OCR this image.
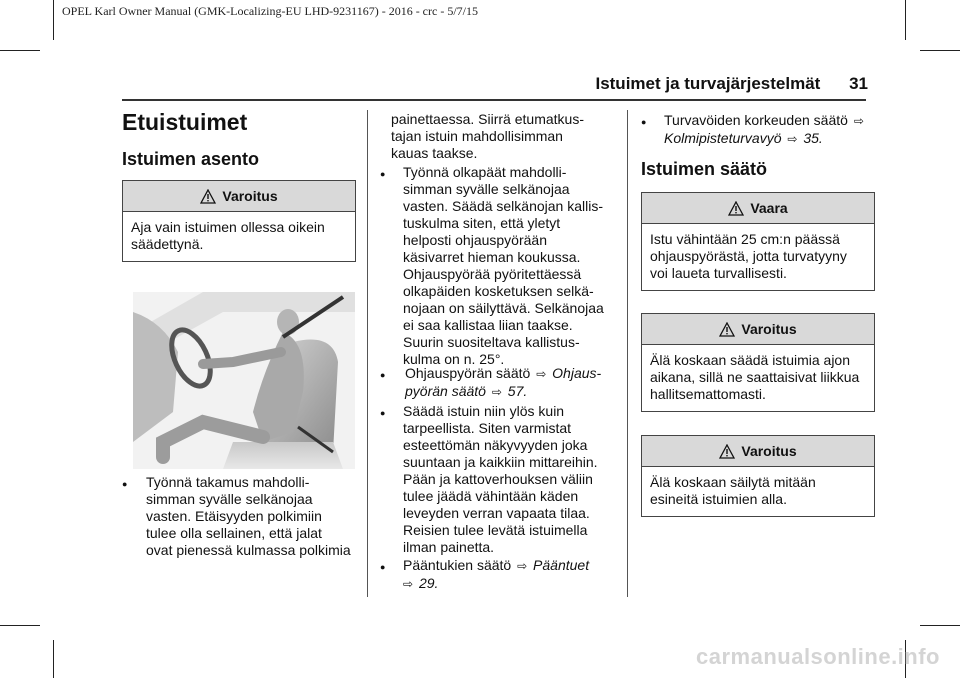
OPEL Karl Owner Manual (GMK-Localizing-EU LHD-9231167) - 2016 - crc - 5/7/15
Istuimet ja turvajärjestelmät 31
Etuistuimet
Istuimen asento
Varoitus
Aja vain istuimen ollessa oikein säädettynä.
● Työnnä takamus mahdolli-
simman syvälle selkänojaa
vasten. Etäisyyden polkimiin
tulee olla sellainen, että jalat
ovat pienessä kulmassa polkimia
painettaessa. Siirrä etumatkus-
tajan istuin mahdollisimman
kauas taakse.
● Työnnä olkapäät mahdolli-
simman syvälle selkänojaa
vasten. Säädä selkänojan kallis-
tuskulma siten, että yletyt
helposti ohjauspyörään
käsivarret hieman koukussa.
Ohjauspyörää pyöritettäessä
olkapäiden kosketuksen selkä-
nojaan on säilyttävä. Selkänojaa
ei saa kallistaa liian taakse.
Suurin suositeltava kallistus-
kulma on n. 25°.
● Ohjauspyörän säätö ⇨ Ohjaus-
pyörän säätö ⇨ 57.
● Säädä istuin niin ylös kuin
tarpeellista. Siten varmistat
esteettömän näkyvyyden joka
suuntaan ja kaikkiin mittareihin.
Pään ja kattoverhouksen väliin
tulee jäädä vähintään käden
leveyden verran vapaata tilaa.
Reisien tulee levätä istuimella
ilman painetta.
● Pääntukien säätö ⇨ Pääntuet
⇨ 29.
● Turvavöiden korkeuden säätö ⇨
Kolmipisteturvavyö ⇨ 35.
Istuimen säätö
Vaara
Istu vähintään 25 cm:n päässä
ohjauspyörästä, jotta turvatyyny
voi laueta turvallisesti.
Varoitus
Älä koskaan säädä istuimia ajon
aikana, sillä ne saattaisivat liikkua
hallitsemattomasti.
Varoitus
Älä koskaan säilytä mitään
esineitä istuimien alla.
carmanualsonline.info
